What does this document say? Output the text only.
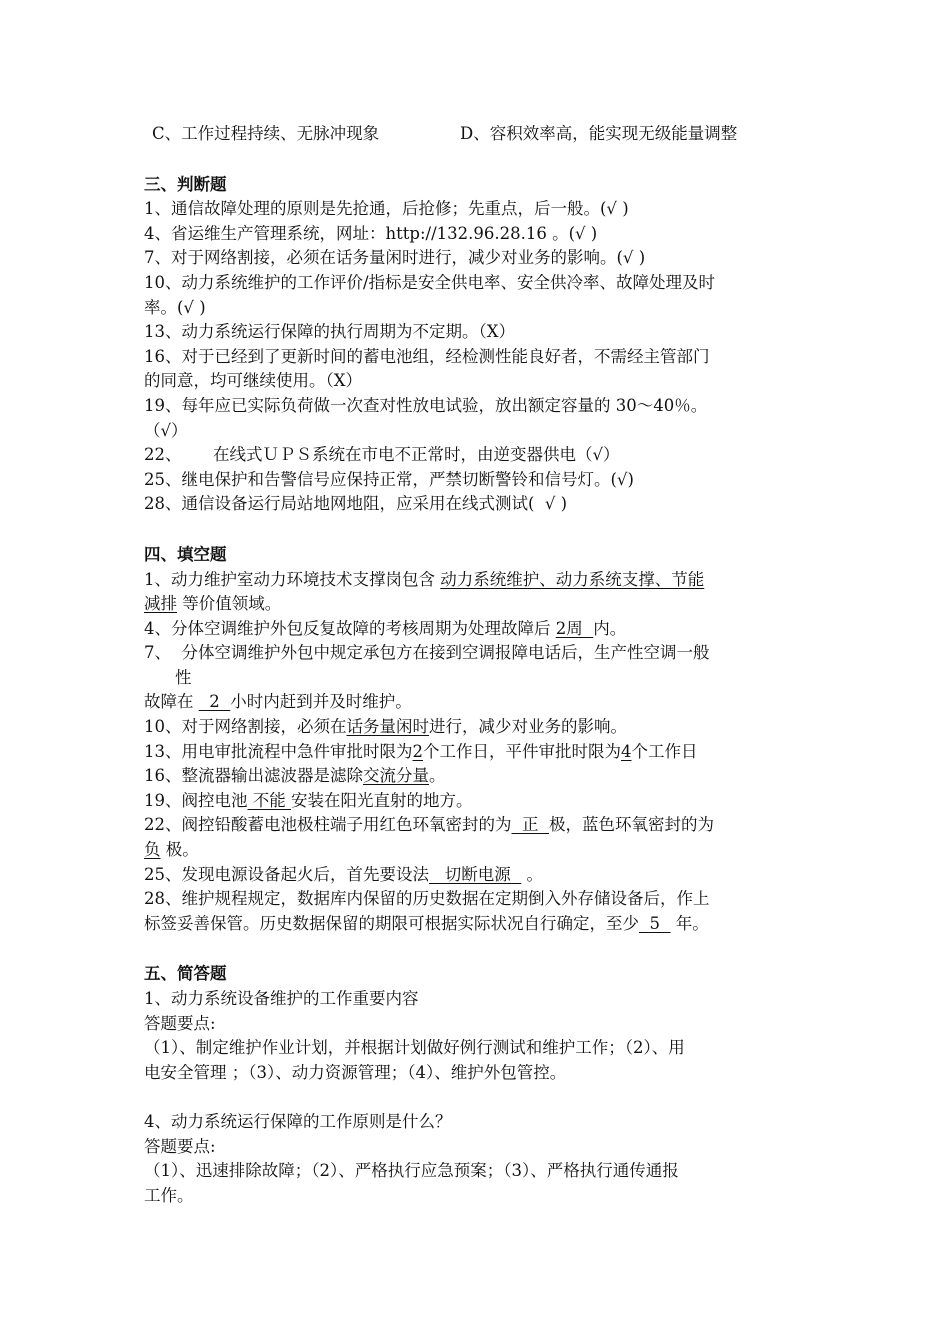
C、工作过程持续、无脉冲现象	D、容积效率高，能实现无级能量调整
三、判断题
1、通信故障处理的原则是先抢通，后抢修；先重点，后一般。(√ )
4、省运维生产管理系统，网址：http://132.96.28.16 。(√ )
7、对于网络割接，必须在话务量闲时进行，减少对业务的影响。(√ )
10、动力系统维护的工作评价/指标是安全供电率、安全供冷率、故障处理及时
率。(√ )
13、动力系统运行保障的执行周期为不定期。（X）
16、对于已经到了更新时间的蓄电池组，经检测性能良好者，不需经主管部门
的同意，均可继续使用。（X）
19、每年应已实际负荷做一次查对性放电试验，放出额定容量的 30～40％。
（√）
22、      在线式ＵＰＳ系统在市电不正常时，由逆变器供电（√）
25、继电保护和告警信号应保持正常，严禁切断警铃和信号灯。(√)
28、通信设备运行局站地网地阻，应采用在线式测试(  √ )
四、填空题
1、动力维护室动力环境技术支撑岗包含 动力系统维护、动力系统支撑、节能
减排 等价值领域。
4、分体空调维护外包反复故障的考核周期为处理故障后 2周  内。
7、  分体空调维护外包中规定承包方在接到空调报障电话后，生产性空调一般
性
故障在   2  小时内赶到并及时维护。
10、对于网络割接，必须在话务量闲时进行，减少对业务的影响。
13、用电审批流程中急件审批时限为2个工作日，平件审批时限为4个工作日
16、整流器输出滤波器是滤除交流分量。
19、阀控电池 不能 安装在阳光直射的地方。
22、阀控铅酸蓄电池极柱端子用红色环氧密封的为  正  极，蓝色环氧密封的为
负 极。
25、发现电源设备起火后，首先要设法   切断电源   。
28、维护规程规定，数据库内保留的历史数据在定期倒入外存储设备后，作上
标签妥善保管。历史数据保留的期限可根据实际状况自行确定，至少  5   年。
五、简答题
1、动力系统设备维护的工作重要内容
答题要点:
（1）、制定维护作业计划，并根据计划做好例行测试和维护工作；（2）、用
电安全管理 ；（3）、动力资源管理；（4）、维护外包管控。
4、动力系统运行保障的工作原则是什么？
答题要点:
（1）、迅速排除故障；（2）、严格执行应急预案；（3）、严格执行通传通报
工作。
